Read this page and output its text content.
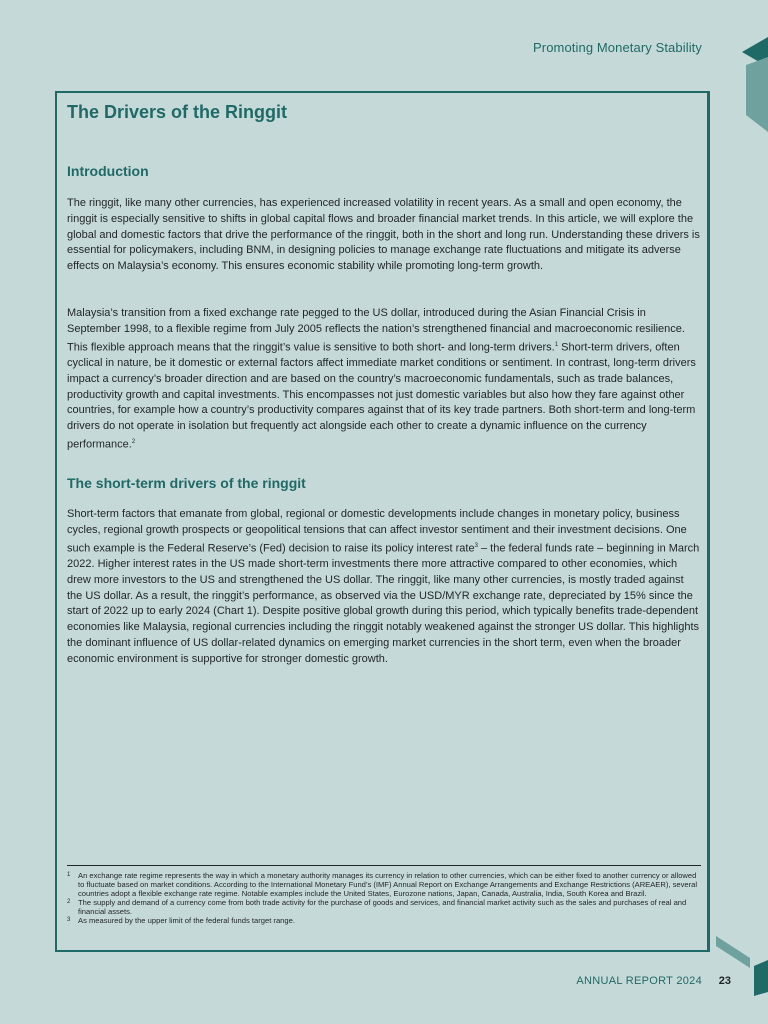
Promoting Monetary Stability
The Drivers of the Ringgit
Introduction

The ringgit, like many other currencies, has experienced increased volatility in recent years. As a small and open economy, the ringgit is especially sensitive to shifts in global capital flows and broader financial market trends. In this article, we will explore the global and domestic factors that drive the performance of the ringgit, both in the short and long run. Understanding these drivers is essential for policymakers, including BNM, in designing policies to manage exchange rate fluctuations and mitigate its adverse effects on Malaysia’s economy. This ensures economic stability while promoting long-term growth.

Malaysia’s transition from a fixed exchange rate pegged to the US dollar, introduced during the Asian Financial Crisis in September 1998, to a flexible regime from July 2005 reflects the nation’s strengthened financial and macroeconomic resilience. This flexible approach means that the ringgit’s value is sensitive to both short- and long-term drivers.$^1$ Short-term drivers, often cyclical in nature, be it domestic or external factors affect immediate market conditions or sentiment. In contrast, long-term drivers impact a currency’s broader direction and are based on the country’s macroeconomic fundamentals, such as trade balances, productivity growth and capital investments. This encompasses not just domestic variables but also how they fare against other countries, for example how a country’s productivity compares against that of its key trade partners. Both short-term and long-term drivers do not operate in isolation but frequently act alongside each other to create a dynamic influence on the currency performance.$^2$

The short-term drivers of the ringgit

Short-term factors that emanate from global, regional or domestic developments include changes in monetary policy, business cycles, regional growth prospects or geopolitical tensions that can affect investor sentiment and their investment decisions. One such example is the Federal Reserve’s (Fed) decision to raise its policy interest rate$^3$ – the federal funds rate – beginning in March 2022. Higher interest rates in the US made short-term investments there more attractive compared to other economies, which drew more investors to the US and strengthened the US dollar. The ringgit, like many other currencies, is mostly traded against the US dollar. As a result, the ringgit’s performance, as observed via the USD/MYR exchange rate, depreciated by 15% since the start of 2022 up to early 2024 (Chart 1). Despite positive global growth during this period, which typically benefits trade-dependent economies like Malaysia, regional currencies including the ringgit notably weakened against the stronger US dollar. This highlights the dominant influence of US dollar-related dynamics on emerging market currencies in the short term, even when the broader economic environment is supportive for stronger domestic growth.

1 An exchange rate regime represents the way in which a monetary authority manages its currency in relation to other currencies, which can be either fixed to another currency or allowed to fluctuate based on market conditions. According to the International Monetary Fund’s (IMF) Annual Report on Exchange Arrangements and Exchange Restrictions (AREAER), several countries adopt a flexible exchange rate regime. Notable examples include the United States, Eurozone nations, Japan, Canada, Australia, India, South Korea and Brazil.
2 The supply and demand of a currency come from both trade activity for the purchase of goods and services, and financial market activity such as the sales and purchases of real and financial assets.
3 As measured by the upper limit of the federal funds target range.
ANNUAL REPORT 2024 23
